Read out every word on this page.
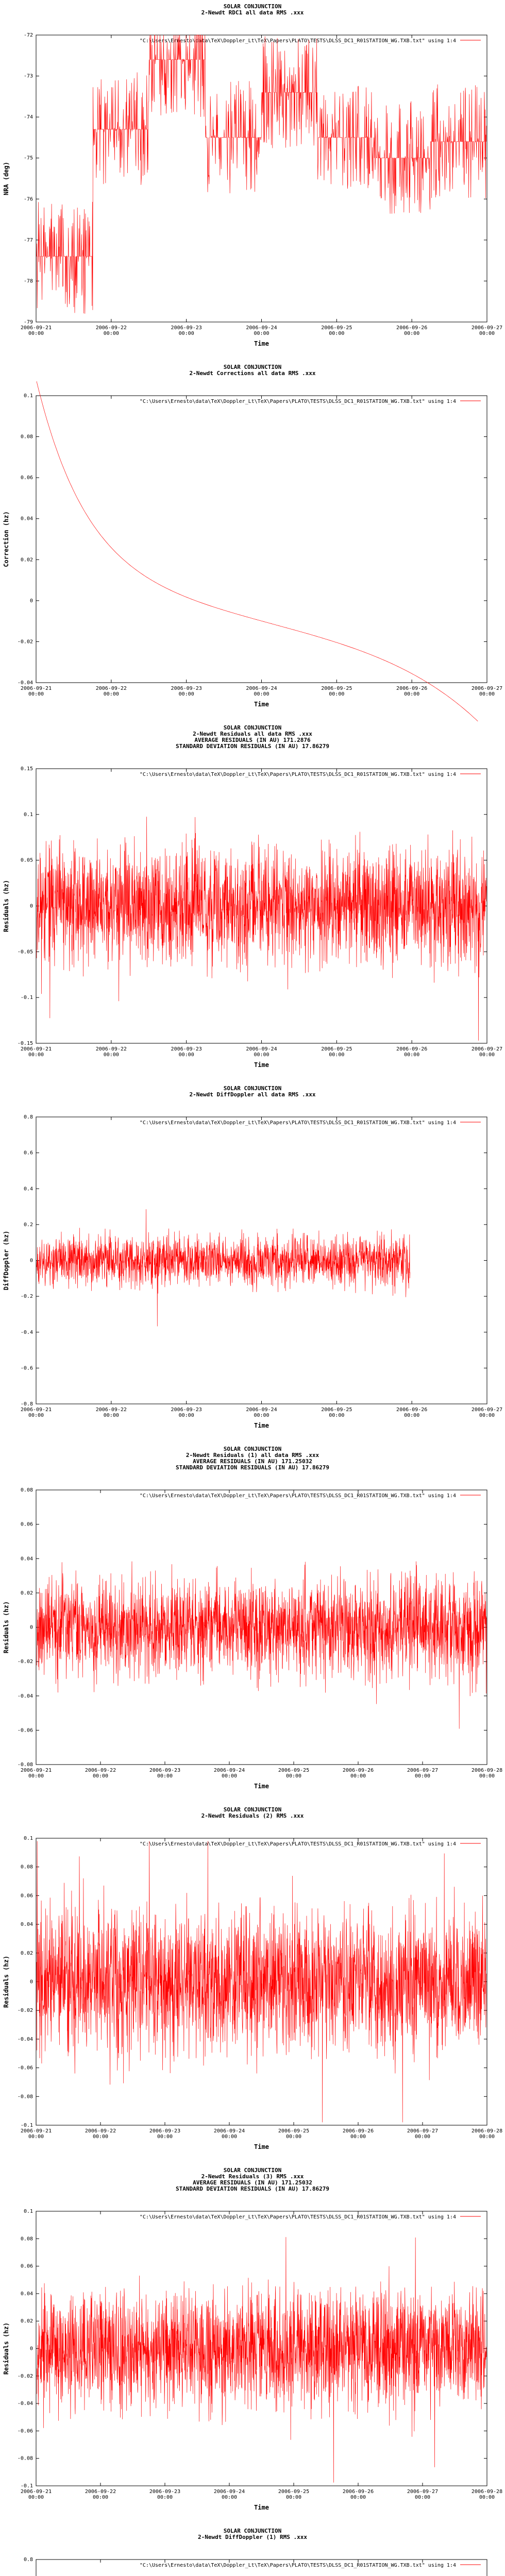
SOLAR CONJUNCTION
2-Newdt RDC1 all data RMS .xxx
"C:\Users\Ernesto\data\TeX\Doppler_Lt\TeX\Papers\PLATO\TESTS\DLSS_DC1_R01STATION_WG.TXB.txt" using 1:4
-72
-73
-74
-75
-76
-77
-78
-79
2006-09-21 00:00
2006-09-22 00:00
2006-09-23 00:00
2006-09-24 00:00
2006-09-25 00:00
2006-09-26 00:00
2006-09-27 00:00
Time
NRA (deg)
SOLAR CONJUNCTION
2-Newdt Corrections all data RMS .xxx
"C:\Users\Ernesto\data\TeX\Doppler_Lt\TeX\Papers\PLATO\TESTS\DLSS_DC1_R01STATION_WG.TXB.txt" using 1:4
0.1
0.08
0.06
0.04
0.02
0
-0.02
-0.04
2006-09-21 00:00
2006-09-22 00:00
2006-09-23 00:00
2006-09-24 00:00
2006-09-25 00:00
2006-09-26 00:00
2006-09-27 00:00
Time
Correction (hz)
SOLAR CONJUNCTION
2-Newdt Residuals all data RMS .xxx
AVERAGE RESIDUALS (IN AU) 171.2876
STANDARD DEVIATION RESIDUALS (IN AU) 17.86279
"C:\Users\Ernesto\data\TeX\Doppler_Lt\TeX\Papers\PLATO\TESTS\DLSS_DC1_R01STATION_WG.TXB.txt" using 1:4
0.15
0.1
0.05
0
-0.05
-0.1
-0.15
2006-09-21 00:00
2006-09-22 00:00
2006-09-23 00:00
2006-09-24 00:00
2006-09-25 00:00
2006-09-26 00:00
2006-09-27 00:00
Time
Residuals (hz)
SOLAR CONJUNCTION
2-Newdt DiffDoppler all data RMS .xxx
"C:\Users\Ernesto\data\TeX\Doppler_Lt\TeX\Papers\PLATO\TESTS\DLSS_DC1_R01STATION_WG.TXB.txt" using 1:4
0.8
0.6
0.4
0.2
0
-0.2
-0.4
-0.6
-0.8
2006-09-21 00:00
2006-09-22 00:00
2006-09-23 00:00
2006-09-24 00:00
2006-09-25 00:00
2006-09-26 00:00
2006-09-27 00:00
Time
DiffDoppler (hz)
SOLAR CONJUNCTION
2-Newdt Residuals (1) all data RMS .xxx
AVERAGE RESIDUALS (IN AU) 171.25032
STANDARD DEVIATION RESIDUALS (IN AU) 17.86279
"C:\Users\Ernesto\data\TeX\Doppler_Lt\TeX\Papers\PLATO\TESTS\DLSS_DC1_R01STATION_WG.TXB.txt" using 1:4
0.08
0.06
0.04
0.02
0
-0.02
-0.04
-0.06
-0.08
2006-09-21 00:00
2006-09-22 00:00
2006-09-23 00:00
2006-09-24 00:00
2006-09-25 00:00
2006-09-26 00:00
2006-09-27 00:00
2006-09-28 00:00
Time
Residuals (hz)
SOLAR CONJUNCTION
2-Newdt Residuals (2) RMS .xxx
"C:\Users\Ernesto\data\TeX\Doppler_Lt\TeX\Papers\PLATO\TESTS\DLSS_DC1_R01STATION_WG.TXB.txt" using 1:4
0.1
0.08
0.06
0.04
0.02
0
-0.02
-0.04
-0.06
-0.08
-0.1
2006-09-21 00:00
2006-09-22 00:00
2006-09-23 00:00
2006-09-24 00:00
2006-09-25 00:00
2006-09-26 00:00
2006-09-27 00:00
2006-09-28 00:00
Time
Residuals (hz)
SOLAR CONJUNCTION
2-Newdt Residuals (3) RMS .xxx
AVERAGE RESIDUALS (IN AU) 171.25032
STANDARD DEVIATION RESIDUALS (IN AU) 17.86279
"C:\Users\Ernesto\data\TeX\Doppler_Lt\TeX\Papers\PLATO\TESTS\DLSS_DC1_R01STATION_WG.TXB.txt" using 1:4
0.1
0.08
0.06
0.04
0.02
0
-0.02
-0.04
-0.06
-0.08
-0.1
2006-09-21 00:00
2006-09-22 00:00
2006-09-23 00:00
2006-09-24 00:00
2006-09-25 00:00
2006-09-26 00:00
2006-09-27 00:00
2006-09-28 00:00
Time
Residuals (hz)
SOLAR CONJUNCTION
2-Newdt DiffDoppler (1) RMS .xxx
"C:\Users\Ernesto\data\TeX\Doppler_Lt\TeX\Papers\PLATO\TESTS\DLSS_DC1_R01STATION_WG.TXB.txt" using 1:4
0.8
